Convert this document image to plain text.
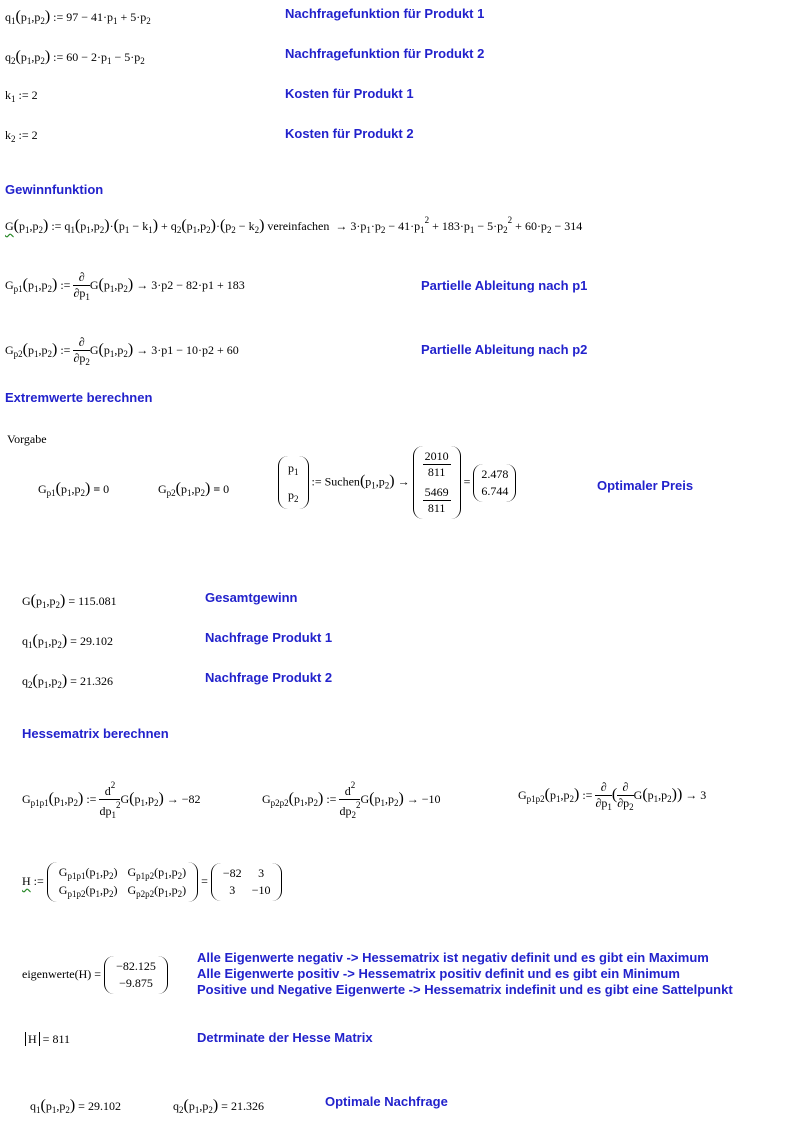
$q_1(p_1,p_2)$ := $97 - 41\cdot p_1 + 5\cdot p_2$	Nachfragefunktion für Produkt 1
$q_2(p_1,p_2)$ := $60 - 2\cdot p_1 - 5\cdot p_2$	Nachfragefunktion für Produkt 2
$k_1$ := 2	Kosten für Produkt 1
$k_2$ := 2	Kosten für Produkt 2
Gewinnfunktion
$G(p_1,p_2)$ := $q_1(p_1,p_2)\cdot(p_1 - k_1) + q_2(p_1,p_2)\cdot(p_2 - k_2)$ vereinfachen  → $3\cdot p_1\cdot p_2 - 41\cdot p_1^2 + 183\cdot p_1 - 5\cdot p_2^2 + 60\cdot p_2 - 314$
$G_{p1}(p_1,p_2)$ := $\frac{\partial}{\partial p_1} G(p_1,p_2) \to 3\cdot p2 - 82\cdot p1 + 183$	Partielle Ableitung nach p1
$G_{p2}(p_1,p_2)$ := $\frac{\partial}{\partial p_2} G(p_1,p_2) \to 3\cdot p1 - 10\cdot p2 + 60$	Partielle Ableitung nach p2
Extremwerte berechnen
Vorgabe
$G_{p1}(p_1,p_2) = 0$	$G_{p2}(p_1,p_2) = 0$
$p_1$
$p_2$
:= $Suchen(p_1,p_2)$ →
$\frac{2010}{811}$

$\frac{5469}{811}$
=
2.478
6.744	Optimaler Preis
$G(p_1,p_2) = 115.081$	Gesamtgewinn
$q_1(p_1,p_2) = 29.102$	Nachfrage Produkt 1
$q_2(p_1,p_2) = 21.326$	Nachfrage Produkt 2
Hessematrix berechnen
$G_{p1p1}(p_1,p_2)$ := $\frac{d^2}{dp_1^2} G(p_1,p_2) \to -82$	$G_{p2p2}(p_1,p_2)$ := $\frac{d^2}{dp_2^2} G(p_1,p_2) \to -10$	$G_{p1p2}(p_1,p_2)$ := $\frac{\partial}{\partial p_1}$ ( $\frac{\partial}{\partial p_2} G(p_1,p_2)) \to 3$
H :=
$G_{p1p1}(p_1,p_2)$	$G_{p1p2}(p_1,p_2)$
$G_{p1p2}(p_1,p_2)$	$G_{p2p2}(p_1,p_2)$
=
−82	3
3	−10
eigenwerte(H) =
−82.125
−9.875
Alle Eigenwerte negativ -> Hessematrix ist negativ definit und es gibt ein Maximum
Alle Eigenwerte positiv -> Hessematrix positiv definit und es gibt ein Minimum
Positive und Negative Eigenwerte -> Hessematrix indefinit und es gibt eine Sattelpunkt
H = 811	Detrminate der Hesse Matrix
$q_1(p_1,p_2) = 29.102$	$q_2(p_1,p_2) = 21.326$	Optimale Nachfrage
